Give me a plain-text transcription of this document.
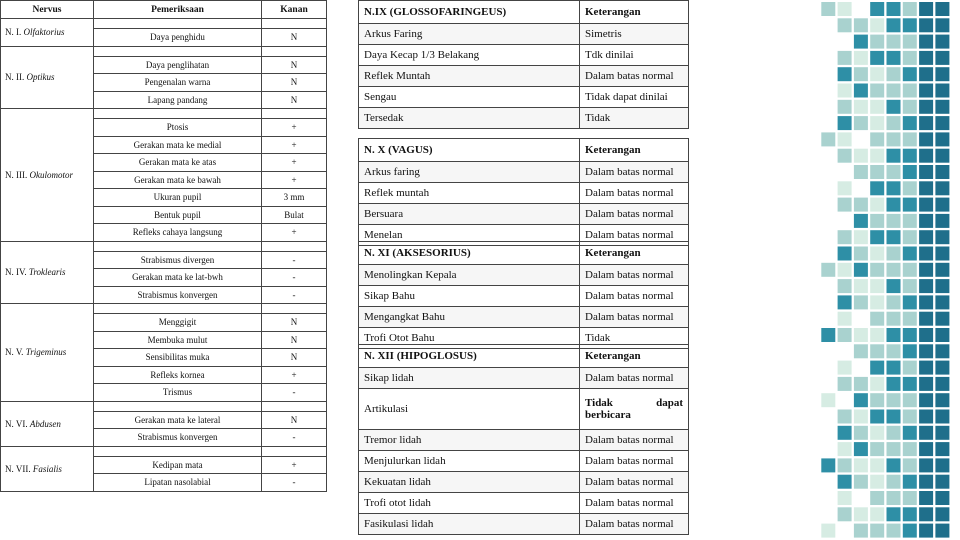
Nervus	Pemeriksaan	Kanan
N. I. Olfaktorius		
	Daya penghidu	N
N. II. Optikus		
	Daya penglihatan	N
	Pengenalan warna	N
	Lapang pandang	N
N. III. Okulomotor		
	Ptosis	+
	Gerakan mata ke medial	+
	Gerakan mata ke atas	+
	Gerakan mata ke bawah	+
	Ukuran pupil	3 mm
	Bentuk pupil	Bulat
	Refleks cahaya langsung	+
N. IV. Troklearis		
	Strabismus divergen	-
	Gerakan mata ke lat-bwh	-
	Strabismus konvergen	-
N. V. Trigeminus		
	Menggigit	N
	Membuka mulut	N
	Sensibilitas muka	N
	Refleks kornea	+
	Trismus	-
N. VI. Abdusen		
	Gerakan mata ke lateral	N
	Strabismus konvergen	-
N. VII. Fasialis		
	Kedipan mata	+
	Lipatan nasolabial	-
N.IX (GLOSSOFARINGEUS)	Keterangan
Arkus Faring	Simetris
Daya Kecap 1/3 Belakang	Tdk dinilai
Reflek Muntah	Dalam batas normal
Sengau	Tidak dapat dinilai
Tersedak	Tidak
N. X (VAGUS)	Keterangan
Arkus faring	Dalam batas normal
Reflek muntah	Dalam batas normal
Bersuara	Dalam batas normal
Menelan	Dalam batas normal
N. XI (AKSESORIUS)	Keterangan
Menolingkan Kepala	Dalam batas normal
Sikap Bahu	Dalam batas normal
Mengangkat Bahu	Dalam batas normal
Trofi Otot Bahu	Tidak
N. XII (HIPOGLOSUS)	Keterangan
Sikap lidah	Dalam batas normal
Artikulasi	Tidak dapat
berbicara

Tremor lidah	Dalam batas normal
Menjulurkan lidah	Dalam batas normal
Kekuatan lidah	Dalam batas normal
Trofi otot lidah	Dalam batas normal
Fasikulasi lidah	Dalam batas normal
